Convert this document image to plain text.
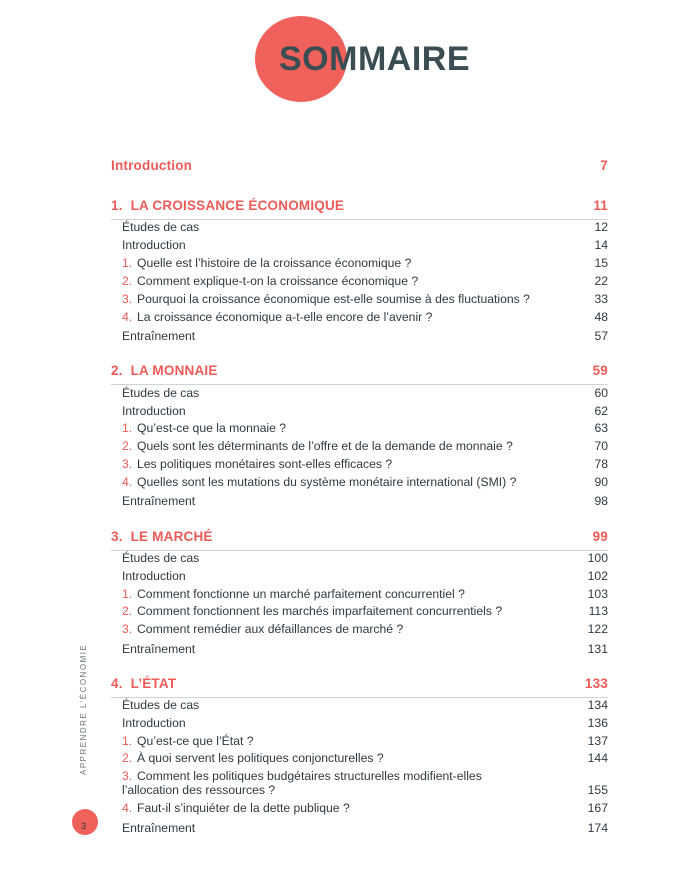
SOMMAIRE
Introduction	7
1. LA CROISSANCE ÉCONOMIQUE	11
Études de cas	12
Introduction	14
1. Quelle est l’histoire de la croissance économique ?	15
2. Comment explique-t-on la croissance économique ?	22
3. Pourquoi la croissance économique est-elle soumise à des fluctuations ?	33
4. La croissance économique a-t-elle encore de l’avenir ?	48
Entraînement	57
2. LA MONNAIE	59
Études de cas	60
Introduction	62
1. Qu’est-ce que la monnaie ?	63
2. Quels sont les déterminants de l’offre et de la demande de monnaie ?	70
3. Les politiques monétaires sont-elles efficaces ?	78
4. Quelles sont les mutations du système monétaire international (SMI) ?	90
Entraînement	98
3. LE MARCHÉ	99
Études de cas	100
Introduction	102
1. Comment fonctionne un marché parfaitement concurrentiel ?	103
2. Comment fonctionnent les marchés imparfaitement concurrentiels ?	113
3. Comment remédier aux défaillances de marché ?	122
Entraînement	131
4. L’ÉTAT	133
Études de cas	134
Introduction	136
1. Qu’est-ce que l’État ?	137
2. À quoi servent les politiques conjoncturelles ?	144
3. Comment les politiques budgétaires structurelles modifient-elles
l’allocation des ressources ?	155
4. Faut-il s’inquiéter de la dette publique ?	167
Entraînement	174
APPRENDRE L’ÉCONOMIE
3
